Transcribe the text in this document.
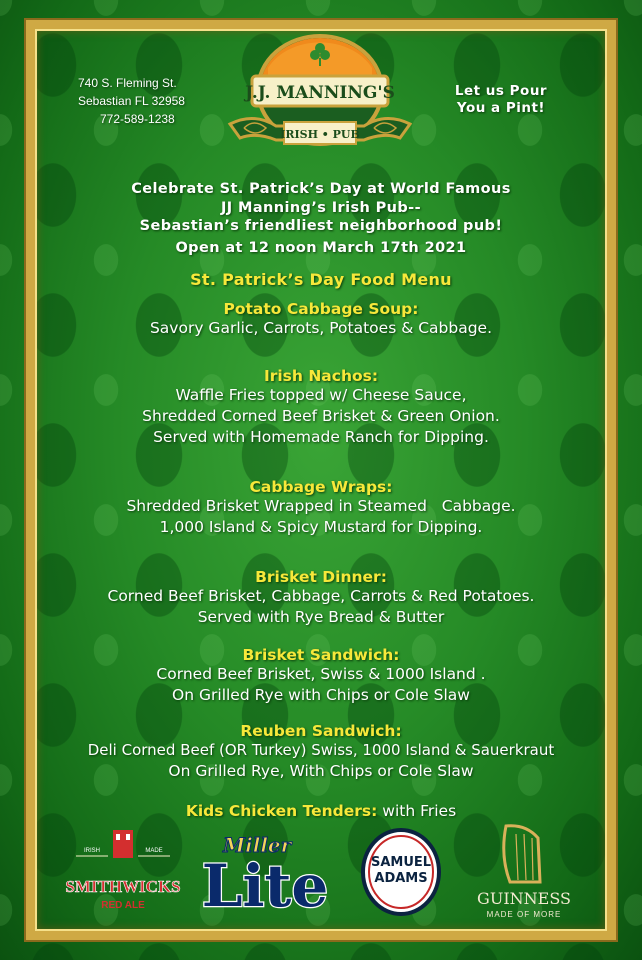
740 S. Fleming St.
Sebastian FL 32958
772-589-1238
Let us Pour
You a Pint!
J.J. MANNING'S
IRISH • PUB
Celebrate St. Patrick’s Day at World Famous
JJ Manning’s Irish Pub--
Sebastian’s friendliest neighborhood pub!
Open at 12 noon March 17th 2021
St. Patrick’s Day Food Menu
Potato Cabbage Soup:
Savory Garlic, Carrots, Potatoes & Cabbage.
Irish Nachos:
Waffle Fries topped w/ Cheese Sauce,
Shredded Corned Beef Brisket & Green Onion.
Served with Homemade Ranch for Dipping.
Cabbage Wraps:
Shredded Brisket Wrapped in Steamed   Cabbage.
1,000 Island & Spicy Mustard for Dipping.
Brisket Dinner:
Corned Beef Brisket, Cabbage, Carrots & Red Potatoes.
Served with Rye Bread & Butter
Brisket Sandwich:
Corned Beef Brisket, Swiss & 1000 Island .
On Grilled Rye with Chips or Cole Slaw
Reuben Sandwich:
Deli Corned Beef (OR Turkey) Swiss, 1000 Island & Sauerkraut
On Grilled Rye, With Chips or Cole Slaw
Kids Chicken Tenders: with Fries
IRISH	MADE
SMITHWICKS
RED ALE
Miller
Lite	SAMUEL
ADAMS
GUINNESS
MADE OF MORE
